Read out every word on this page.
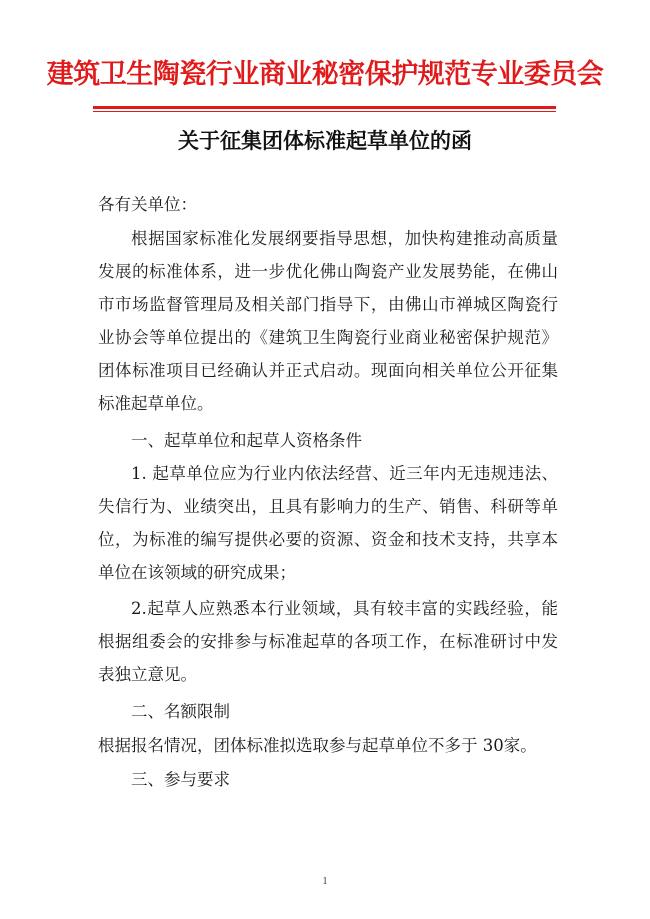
建筑卫生陶瓷行业商业秘密保护规范专业委员会
关于征集团体标准起草单位的函
各有关单位：
根据国家标准化发展纲要指导思想，加快构建推动高质量发展的标准体系，进一步优化佛山陶瓷产业发展势能，在佛山市市场监督管理局及相关部门指导下，由佛山市禅城区陶瓷行业协会等单位提出的《建筑卫生陶瓷行业商业秘密保护规范》团体标准项目已经确认并正式启动。现面向相关单位公开征集标准起草单位。
一、起草单位和起草人资格条件
1. 起草单位应为行业内依法经营、近三年内无违规违法、失信行为、业绩突出，且具有影响力的生产、销售、科研等单位，为标准的编写提供必要的资源、资金和技术支持，共享本单位在该领域的研究成果；
2.起草人应熟悉本行业领域，具有较丰富的实践经验，能根据组委会的安排参与标准起草的各项工作，在标准研讨中发表独立意见。
二、名额限制
根据报名情况，团体标准拟选取参与起草单位不多于 30家。
三、参与要求
1
